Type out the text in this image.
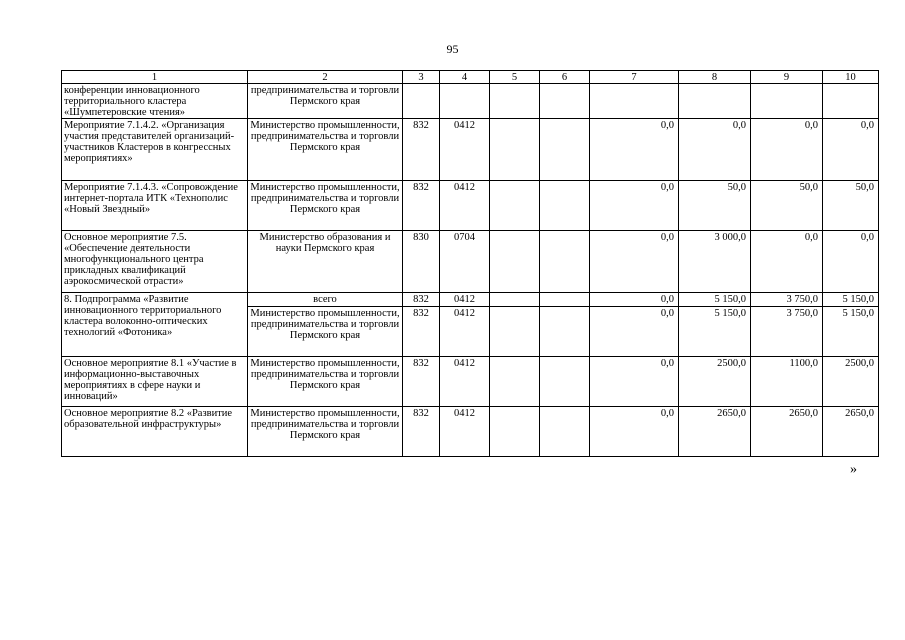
95
1	2	3	4	5	6	7	8	9	10
конференции инновационного территориального кластера «Шумпетеровские чтения»	предпринимательства и торговли Пермского края								
Мероприятие 7.1.4.2. «Организация участия представителей организаций-участников Кластеров в конгрессных мероприятиях»	Министерство промышленности, предпринимательства и торговли Пермского края	832	0412			0,0	0,0	0,0	0,0
Мероприятие 7.1.4.3. «Сопровождение интернет-портала ИТК «Технополис «Новый Звездный»	Министерство промышленности, предпринимательства и торговли Пермского края	832	0412			0,0	50,0	50,0	50,0
Основное мероприятие 7.5. «Обеспечение деятельности многофункционального центра прикладных квалификаций аэрокосмической отрасти»	Министерство образования и науки Пермского края	830	0704			0,0	3 000,0	0,0	0,0
8. Подпрограмма «Развитие инновационного территориального кластера волоконно-оптических технологий «Фотоника»	всего	832	0412			0,0	5 150,0	3 750,0	5 150,0
	Министерство промышленности, предпринимательства и торговли Пермского края	832	0412			0,0	5 150,0	3 750,0	5 150,0
Основное мероприятие 8.1 «Участие в информационно-выставочных мероприятиях в сфере науки и инноваций»	Министерство промышленности, предпринимательства и торговли Пермского края	832	0412			0,0	2500,0	1100,0	2500,0
Основное мероприятие 8.2 «Развитие образовательной инфраструктуры»	Министерство промышленности, предпринимательства и торговли Пермского края	832	0412			0,0	2650,0	2650,0	2650,0
»
